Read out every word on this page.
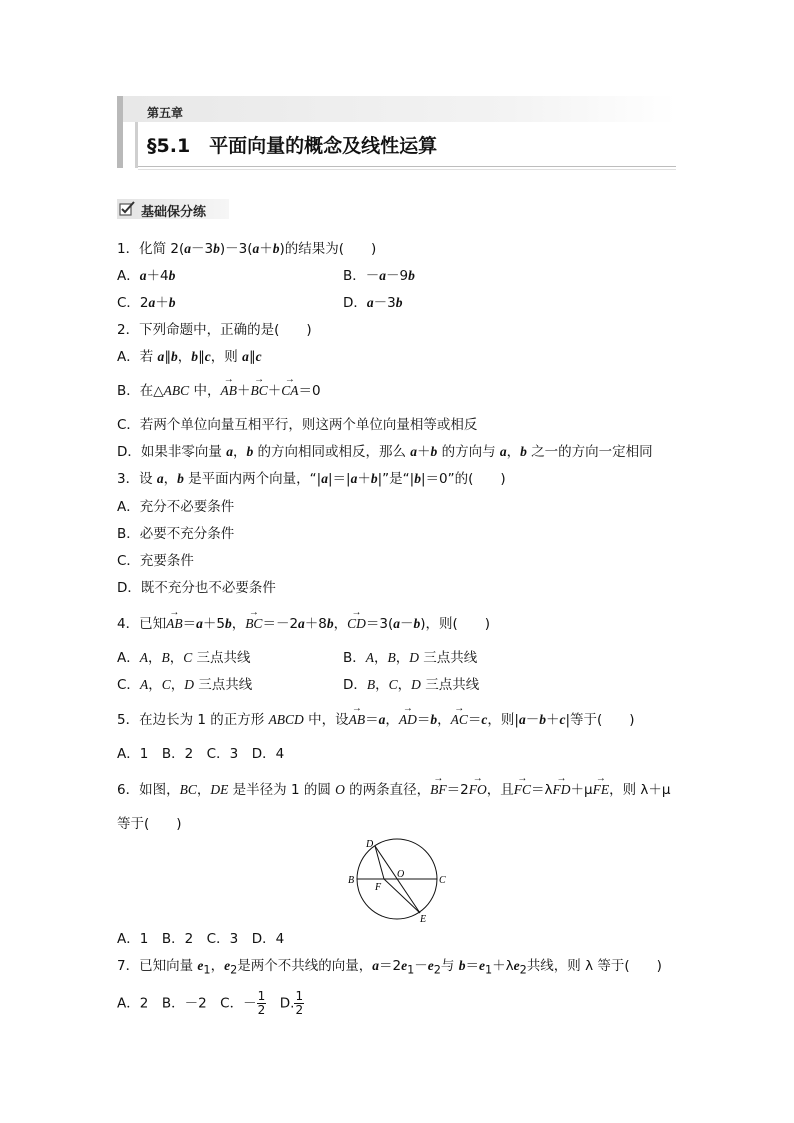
第五章
§5.1　平面向量的概念及线性运算
基础保分练
1．化简 2(a－3b)－3(a＋b)的结果为(　　)
A．a＋4b	B．－a－9b
C．2a＋b	D．a－3b
2．下列命题中，正确的是(　　)
A．若 a∥b，b∥c，则 a∥c
B．在△ABC 中，→ AB＋→ BC＋→ CA＝0
C．若两个单位向量互相平行，则这两个单位向量相等或相反
D．如果非零向量 a，b 的方向相同或相反，那么 a＋b 的方向与 a，b 之一的方向一定相同
3．设 a，b 是平面内两个向量，“|a|＝|a＋b|”是“|b|＝0”的(　　)
A．充分不必要条件
B．必要不充分条件
C．充要条件
D．既不充分也不必要条件
4．已知→ AB＝a＋5b，→ BC＝－2a＋8b，→ CD＝3(a－b)，则(　　)
A．A，B，C 三点共线	B．A，B，D 三点共线
C．A，C，D 三点共线	D．B，C，D 三点共线
5．在边长为 1 的正方形 ABCD 中，设→ AB＝a，→ AD＝b，→ AC＝c，则|a－b＋c|等于(　　)
A．1　B．2　C．3　D．4
6．如图，BC，DE 是半径为 1 的圆 O 的两条直径，→ BF＝2→ FO，且→ FC＝λ→ FD＋μ→ FE，则 λ＋μ
等于(　　)
D
O
B
F
C
E
A．1　B．2　C．3　D．4
7．已知向量 $e_1$，$e_2$是两个不共线的向量，$a=2e_1-e_2$与 $b=e_1+\lambda e_2$共线，则 λ 等于(　　)
A．2　B．－2　C．－ $\frac{1}{2}$ 　D. $\frac{1}{2}$
